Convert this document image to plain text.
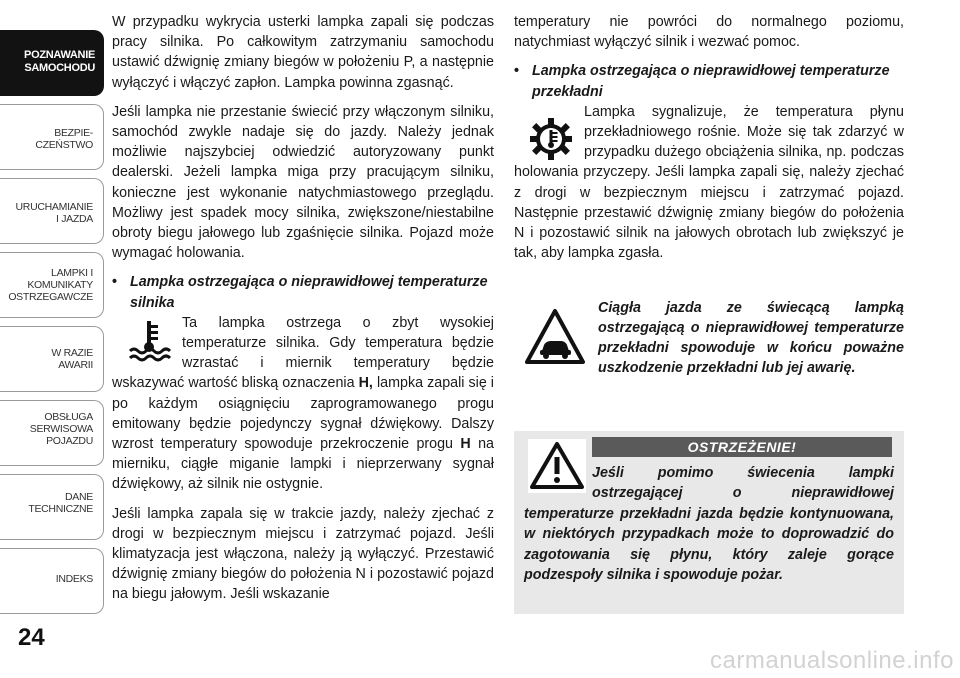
POZNAWANIE
SAMOCHODU
BEZPIE-
CZEŃSTWO
URUCHAMIANIE
I JAZDA
LAMPKI I
KOMUNIKATY
OSTRZEGAWCZE
W RAZIE
AWARII
OBSŁUGA
SERWISOWA
POJAZDU
DANE
TECHNICZNE
INDEKS
24

W przypadku wykrycia usterki lampka zapali się podczas pracy silnika. Po całkowitym zatrzymaniu samochodu ustawić dźwignię zmiany biegów w położeniu P, a następnie wyłączyć i włączyć zapłon. Lampka powinna zgasnąć.

Jeśli lampka nie przestanie świecić przy włączonym silniku, samochód zwykle nadaje się do jazdy. Należy jednak możliwie najszybciej odwiedzić autoryzowany punkt dealerski. Jeżeli lampka miga przy pracującym silniku, konieczne jest wykonanie natychmiastowego przeglądu. Możliwy jest spadek mocy silnika, zwiększone/niestabilne obroty biegu jałowego lub zgaśnięcie silnika. Pojazd może wymagać holowania.

• Lampka ostrzegająca o nieprawidłowej temperaturze silnika

Ta lampka ostrzega o zbyt wysokiej temperaturze silnika. Gdy temperatura będzie wzrastać i miernik temperatury będzie wskazywać wartość bliską oznaczenia H, lampka zapali się i po każdym osiągnięciu zaprogramowanego progu emitowany będzie pojedynczy sygnał dźwiękowy. Dalszy wzrost temperatury spowoduje przekroczenie progu H na mierniku, ciągłe miganie lampki i nieprzerwany sygnał dźwiękowy, aż silnik nie ostygnie.

Jeśli lampka zapala się w trakcie jazdy, należy zjechać z drogi w bezpiecznym miejscu i zatrzymać pojazd. Jeśli klimatyzacja jest włączona, należy ją wyłączyć. Przestawić dźwignię zmiany biegów do położenia N i pozostawić pojazd na biegu jałowym. Jeśli wskazanie

temperatury nie powróci do normalnego poziomu, natychmiast wyłączyć silnik i wezwać pomoc.

• Lampka ostrzegająca o nieprawidłowej temperaturze przekładni

Lampka sygnalizuje, że temperatura płynu przekładniowego rośnie. Może się tak zdarzyć w przypadku dużego obciążenia silnika, np. podczas holowania przyczepy. Jeśli lampka zapali się, należy zjechać z drogi w bezpiecznym miejscu i zatrzymać pojazd. Następnie przestawić dźwignię zmiany biegów do położenia N i pozostawić silnik na jałowych obrotach lub zwiększyć je tak, aby lampka zgasła.

Ciągła jazda ze świecącą lampką ostrzegającą o nieprawidłowej temperaturze przekładni spowoduje w końcu poważne uszkodzenie przekładni lub jej awarię.

OSTRZEŻENIE!

Jeśli pomimo świecenia lampki ostrzegającej o nieprawidłowej temperaturze przekładni jazda będzie kontynuowana, w niektórych przypadkach może to doprowadzić do zagotowania się płynu, który zaleje gorące podzespoły silnika i spowoduje pożar.

carmanualsonline.info
